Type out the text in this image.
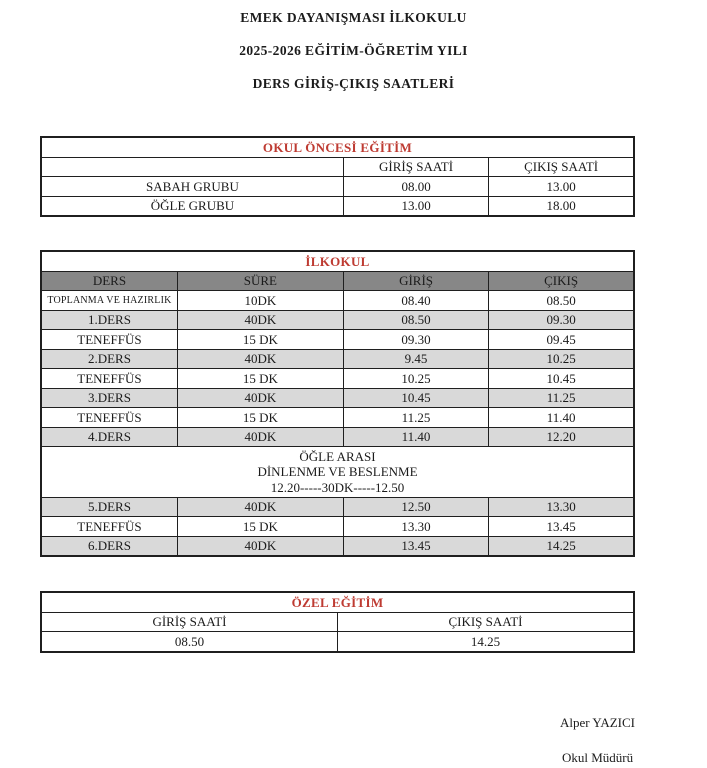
EMEK DAYANIŞMASI İLKOKULU
2025-2026 EĞİTİM-ÖĞRETİM YILI
DERS GİRİŞ-ÇIKIŞ SAATLERİ
OKUL ÖNCESİ EĞİTİM		
	GİRİŞ SAATİ	ÇIKIŞ SAATİ
SABAH GRUBU	08.00	13.00
ÖĞLE GRUBU	13.00	18.00
İLKOKUL			
DERS	SÜRE	GİRİŞ	ÇIKIŞ
TOPLANMA VE HAZIRLIK	10DK	08.40	08.50
1.DERS	40DK	08.50	09.30
TENEFFÜS	15 DK	09.30	09.45
2.DERS	40DK	9.45	10.25
TENEFFÜS	15 DK	10.25	10.45
3.DERS	40DK	10.45	11.25
TENEFFÜS	15 DK	11.25	11.40
4.DERS	40DK	11.40	12.20

ÖĞLE ARASI
DİNLENME VE BESLENME
12.20-----30DK-----12.50			

5.DERS	40DK	12.50	13.30
TENEFFÜS	15 DK	13.30	13.45
6.DERS	40DK	13.45	14.25
ÖZEL EĞİTİM	
GİRİŞ SAATİ	ÇIKIŞ SAATİ
08.50	14.25
Alper YAZICI
Okul Müdürü
